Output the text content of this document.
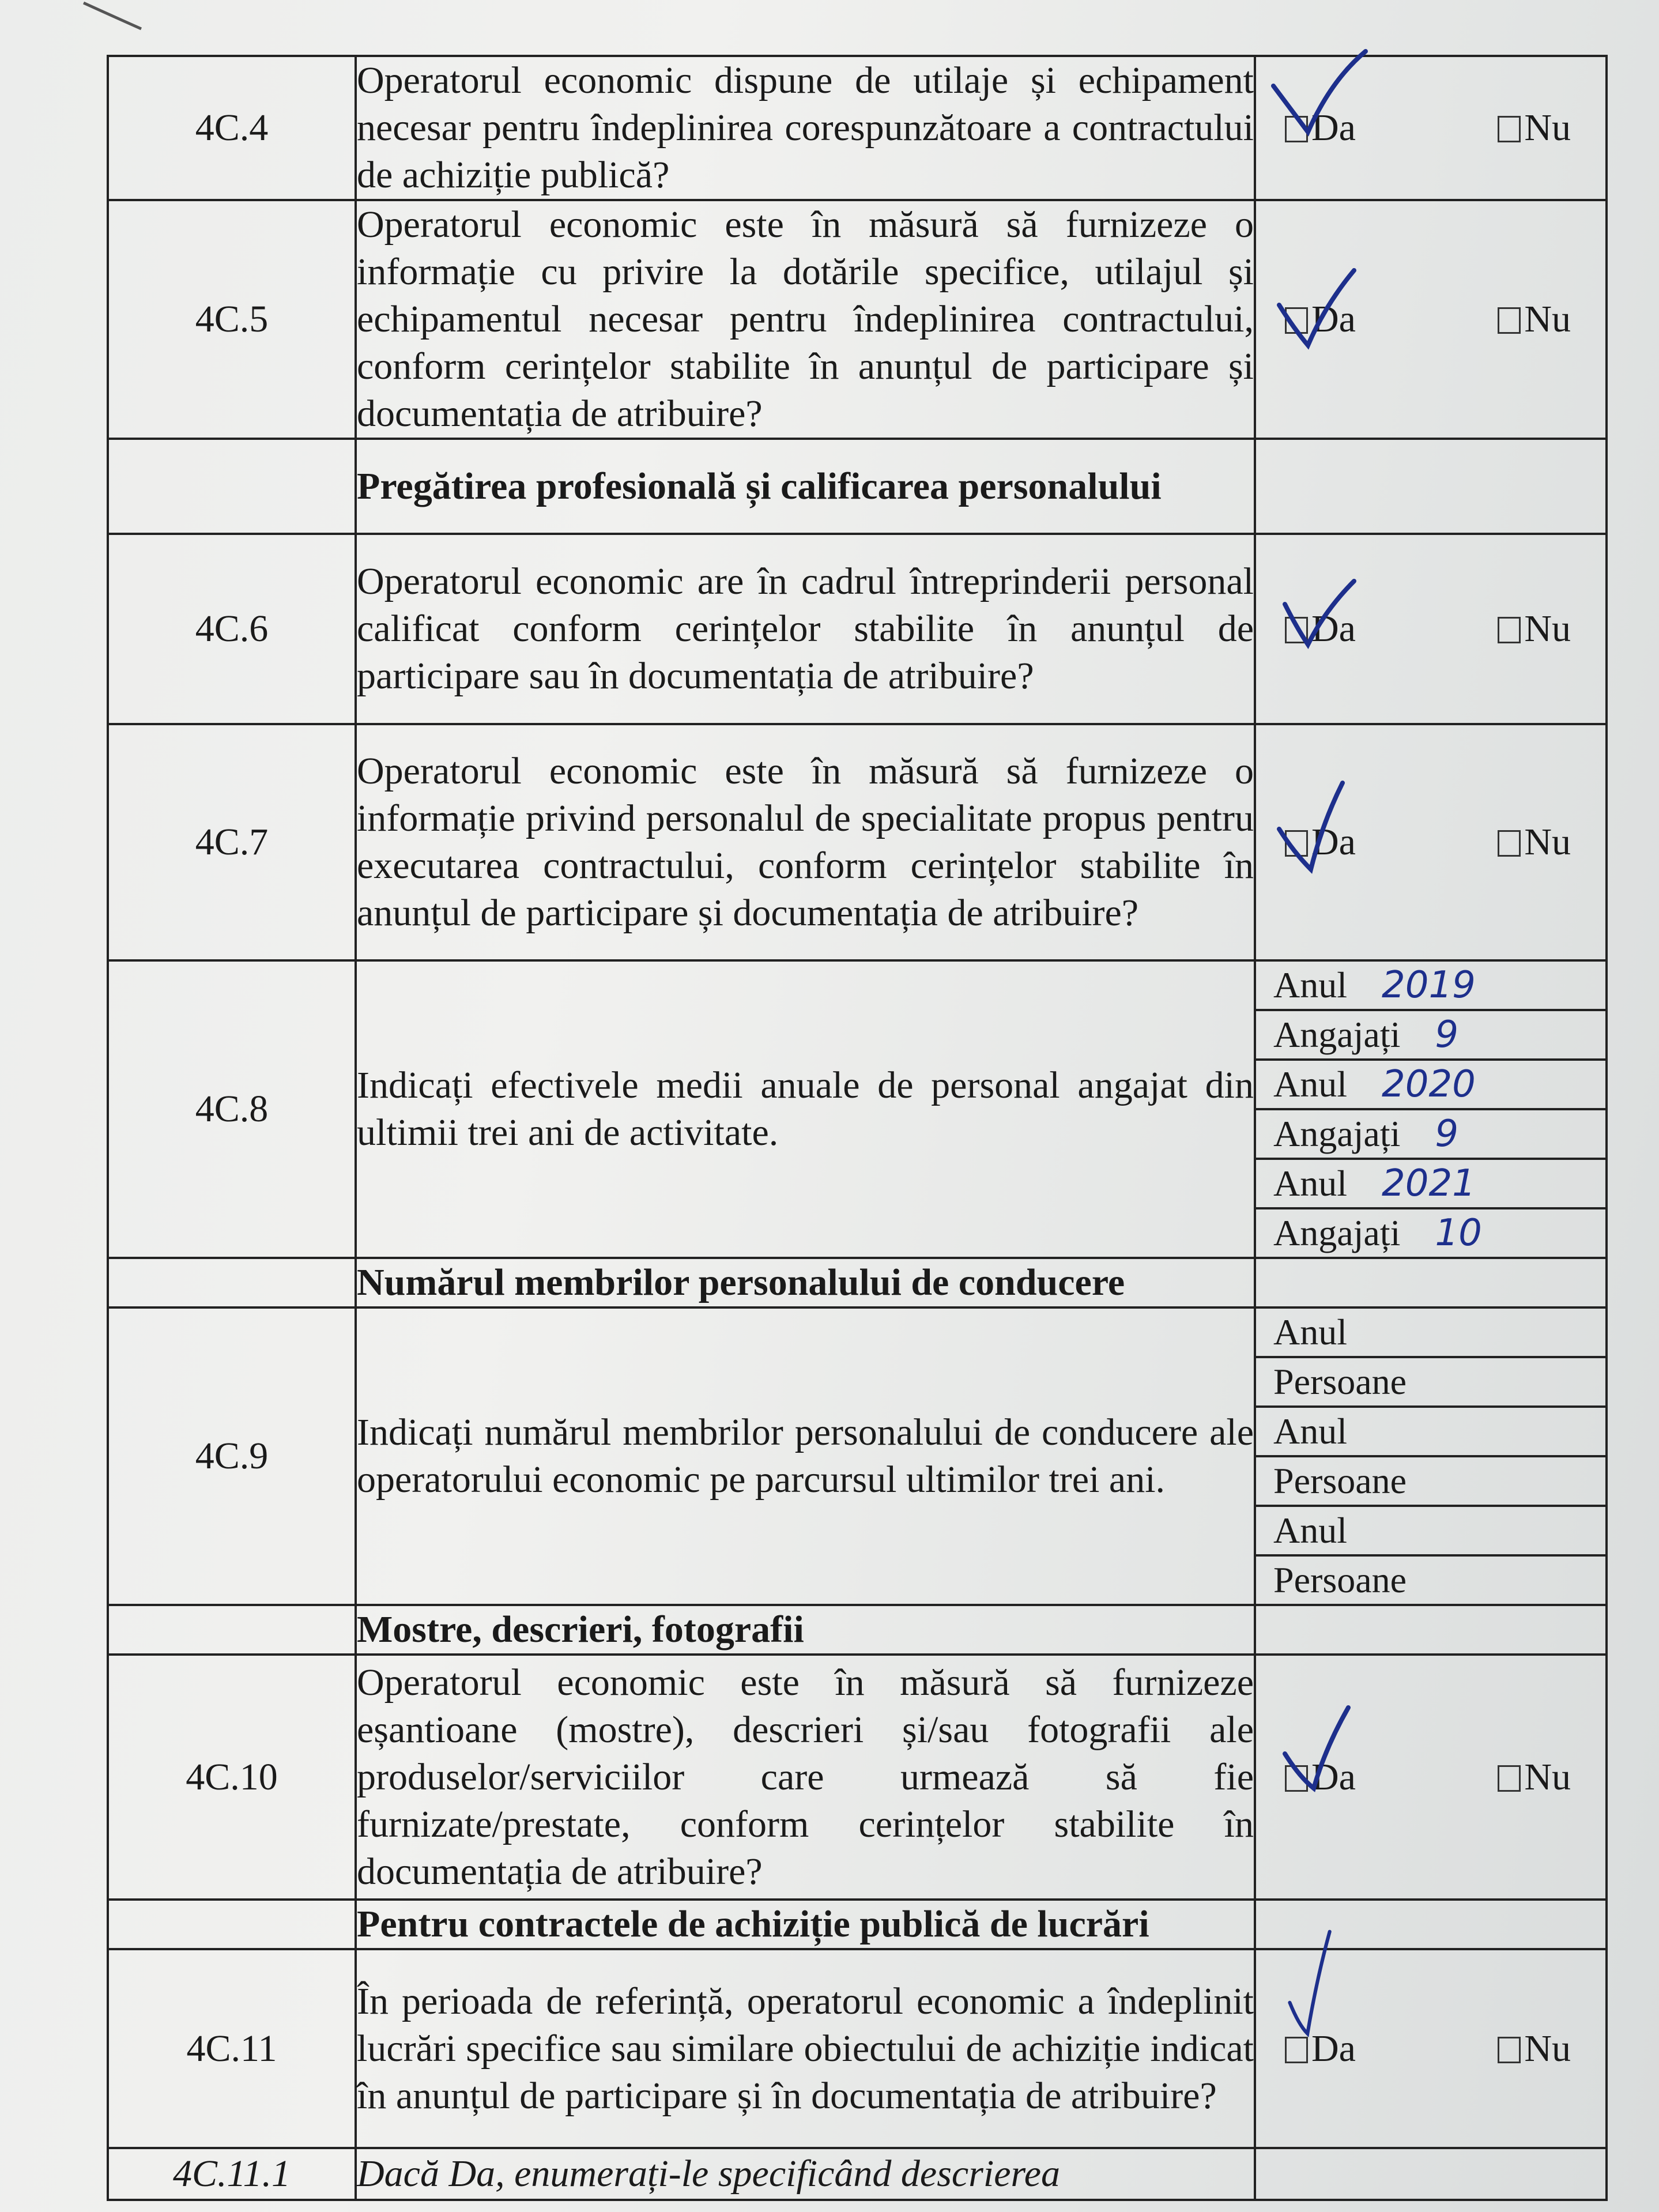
4C.4	Operatorul economic dispune de utilaje și echipament necesar pentru îndeplinirea corespunzătoare a contractului de achiziție publică?	
Da	Nu

4C.5	Operatorul economic este în măsură să furnizeze o informație cu privire la dotările specifice, utilajul și echipamentul necesar pentru îndeplinirea contractului, conform cerințelor stabilite în anunțul de participare și documentația de atribuire?	
Da	Nu

	Pregătirea profesională și calificarea personalului	
4C.6	Operatorul economic are în cadrul întreprinderii personal calificat conform cerințelor stabilite în anunțul de participare sau în documentația de atribuire?	
Da	Nu

4C.7	Operatorul economic este în măsură să furnizeze o informație privind personalul de specialitate propus pentru executarea contractului, conform cerințelor stabilite în anunțul de participare și documentația de atribuire?	
Da	Nu

4C.8	Indicați efectivele medii anuale de personal angajat din ultimii trei ani de activitate.	
Anul 2019
Angajați 9
Anul 2020
Angajați 9
Anul 2021
Angajați 10

	Numărul membrilor personalului de conducere	
4C.9	Indicați numărul membrilor personalului de conducere ale operatorului economic pe parcursul ultimilor trei ani.	
Anul
Persoane
Anul
Persoane
Anul
Persoane

	Mostre, descrieri, fotografii	
4C.10	Operatorul economic este în măsură să furnizeze eșantioane (mostre), descrieri și/sau fotografii ale produselor/serviciilor care urmează să fie furnizate/prestate, conform cerințelor stabilite în documentația de atribuire?	
Da	Nu

	Pentru contractele de achiziție publică de lucrări	
4C.11	În perioada de referință, operatorul economic a îndeplinit lucrări specifice sau similare obiectului de achiziție indicat în anunțul de participare și în documentația de atribuire?	
Da	Nu

4C.11.1	Dacă Da, enumerați-le specificând descrierea	
